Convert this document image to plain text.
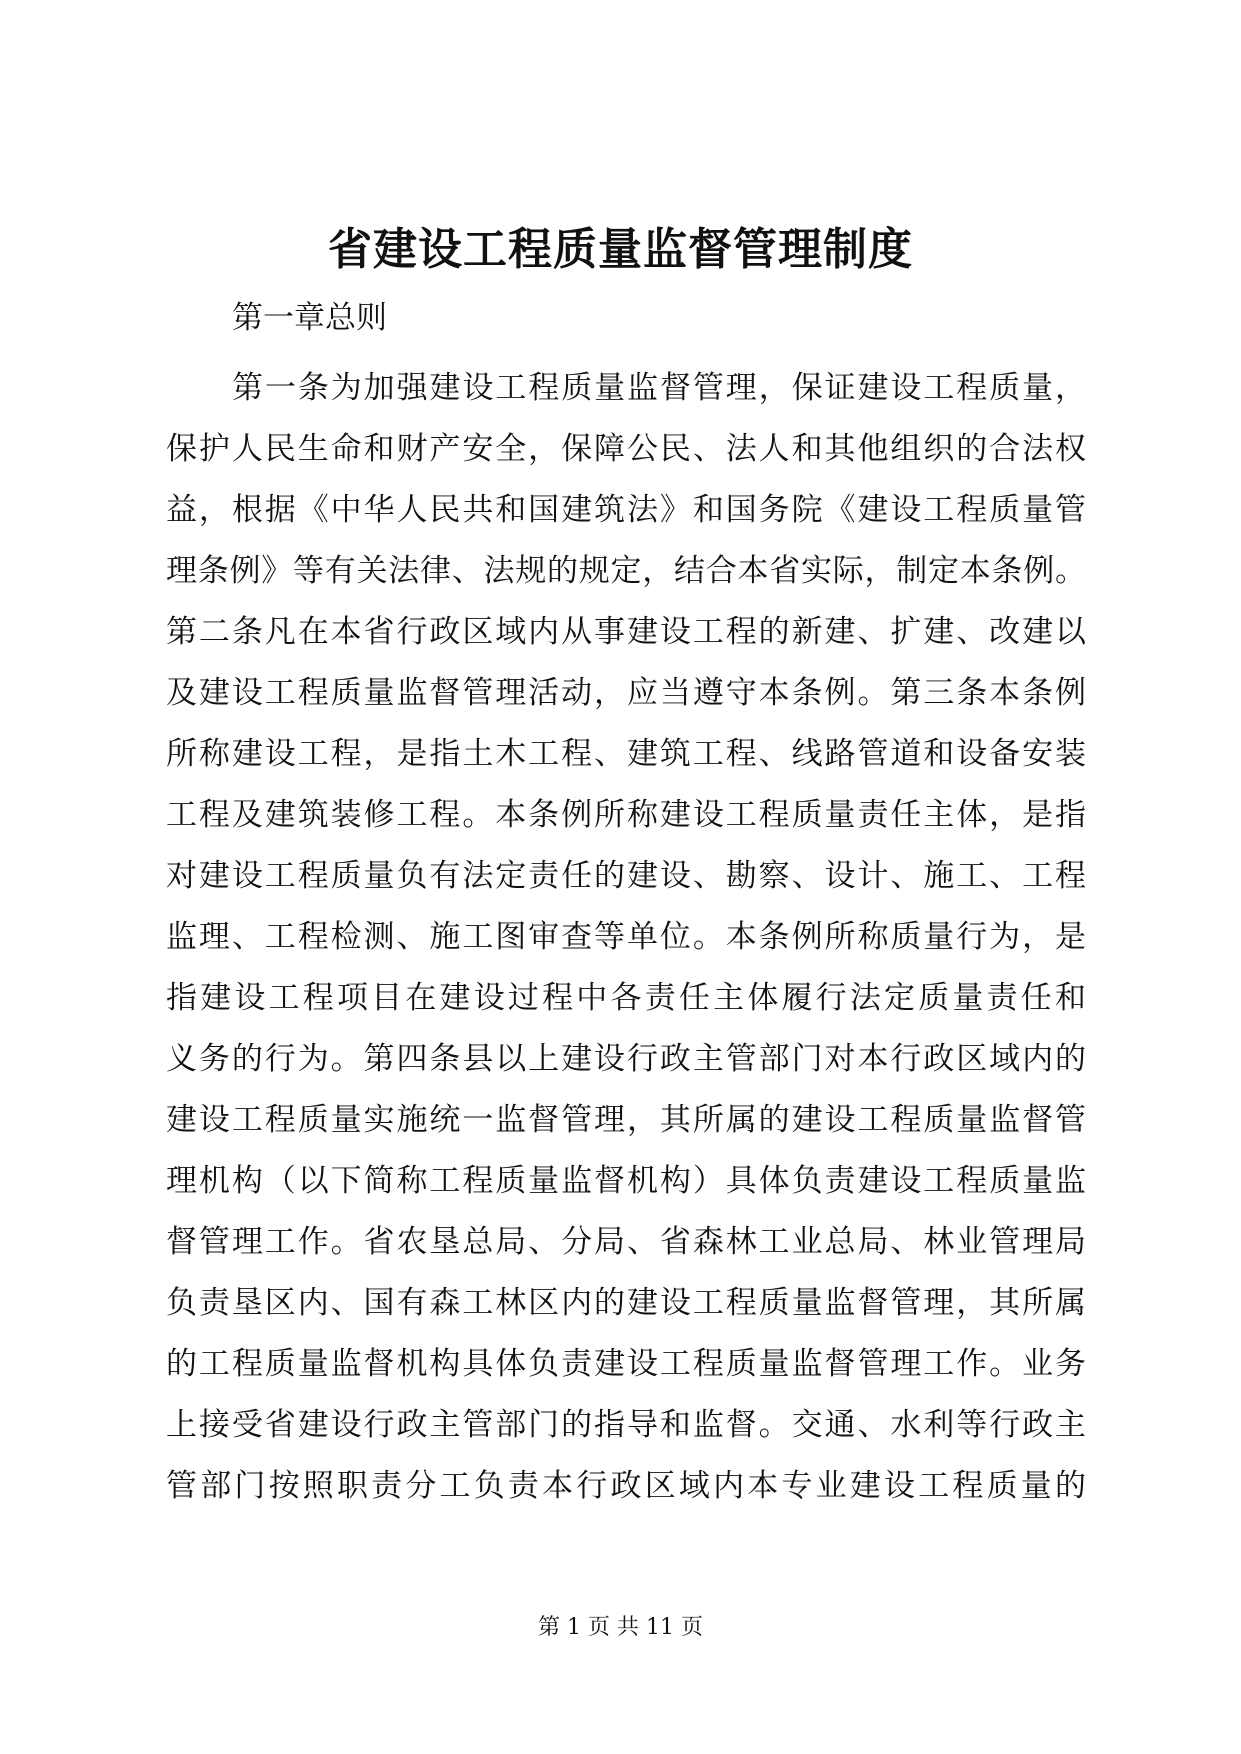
省建设工程质量监督管理制度

第一章总则

第一条为加强建设工程质量监督管理，保证建设工程质量，
保护人民生命和财产安全，保障公民、法人和其他组织的合法权
益，根据《中华人民共和国建筑法》和国务院《建设工程质量管
理条例》等有关法律、法规的规定，结合本省实际，制定本条例。
第二条凡在本省行政区域内从事建设工程的新建、扩建、改建以
及建设工程质量监督管理活动，应当遵守本条例。第三条本条例
所称建设工程，是指土木工程、建筑工程、线路管道和设备安装
工程及建筑装修工程。本条例所称建设工程质量责任主体，是指
对建设工程质量负有法定责任的建设、勘察、设计、施工、工程
监理、工程检测、施工图审查等单位。本条例所称质量行为，是
指建设工程项目在建设过程中各责任主体履行法定质量责任和
义务的行为。第四条县以上建设行政主管部门对本行政区域内的
建设工程质量实施统一监督管理，其所属的建设工程质量监督管
理机构（以下简称工程质量监督机构）具体负责建设工程质量监
督管理工作。省农垦总局、分局、省森林工业总局、林业管理局
负责垦区内、国有森工林区内的建设工程质量监督管理，其所属
的工程质量监督机构具体负责建设工程质量监督管理工作。业务
上接受省建设行政主管部门的指导和监督。交通、水利等行政主
管部门按照职责分工负责本行政区域内本专业建设工程质量的

第 1 页 共 11 页
